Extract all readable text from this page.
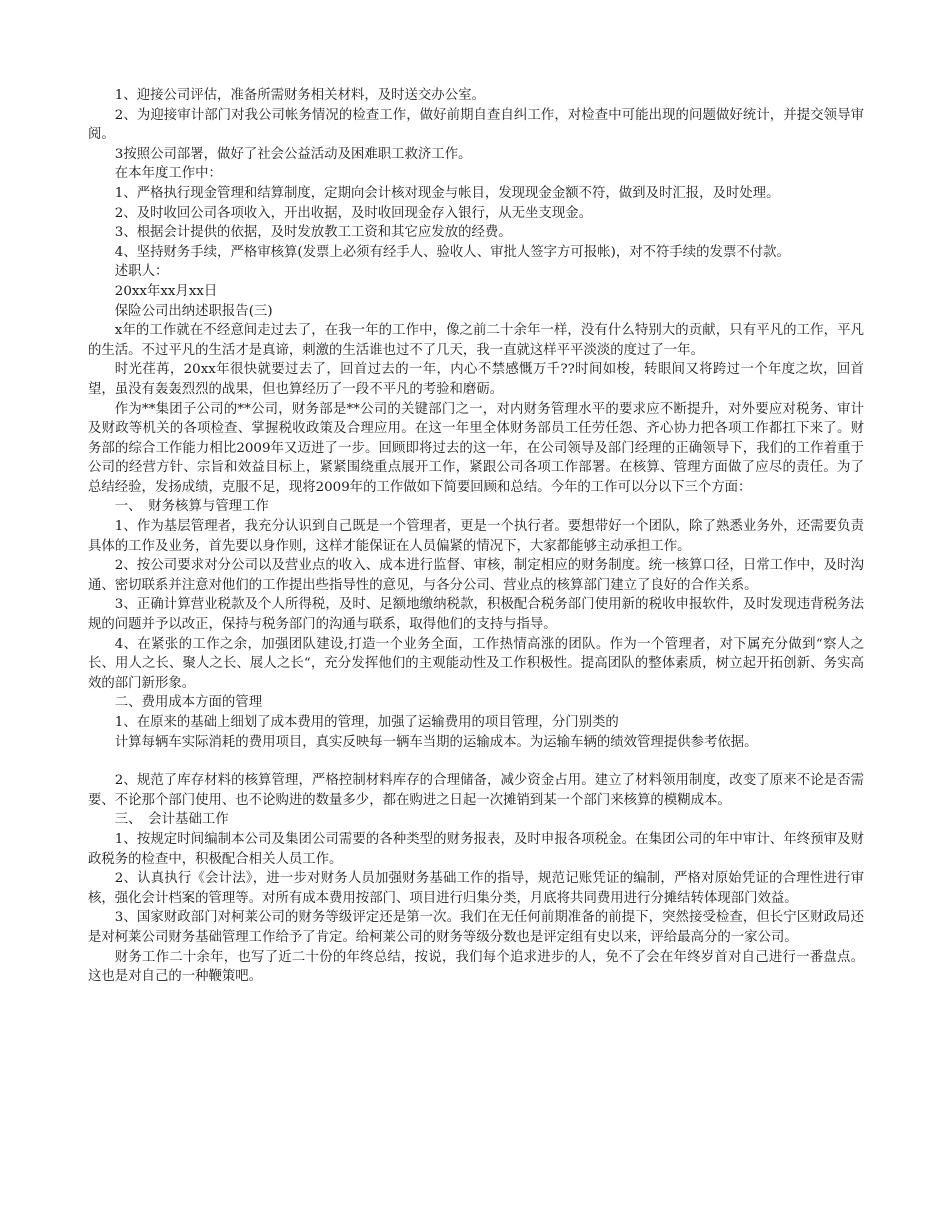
1、迎接公司评估，准备所需财务相关材料，及时送交办公室。

2、为迎接审计部门对我公司帐务情况的检查工作，做好前期自查自纠工作，对检查中可能出现的问题做好统计，并提交领导审阅。

3按照公司部署，做好了社会公益活动及困难职工救济工作。

在本年度工作中：

1、严格执行现金管理和结算制度，定期向会计核对现金与帐目，发现现金金额不符，做到及时汇报，及时处理。

2、及时收回公司各项收入，开出收据，及时收回现金存入银行，从无坐支现金。

3、根据会计提供的依据，及时发放教工工资和其它应发放的经费。

4、坚持财务手续，严格审核算(发票上必须有经手人、验收人、审批人签字方可报帐)，对不符手续的发票不付款。

述职人：

20xx年xx月xx日

保险公司出纳述职报告(三)

x年的工作就在不经意间走过去了，在我一年的工作中，像之前二十余年一样，没有什么特别大的贡献，只有平凡的工作，平凡的生活。不过平凡的生活才是真谛，刺激的生活谁也过不了几天，我一直就这样平平淡淡的度过了一年。

时光荏苒，20xx年很快就要过去了，回首过去的一年，内心不禁感慨万千??时间如梭，转眼间又将跨过一个年度之坎，回首望，虽没有轰轰烈烈的战果，但也算经历了一段不平凡的考验和磨砺。

作为**集团子公司的**公司，财务部是**公司的关键部门之一，对内财务管理水平的要求应不断提升，对外要应对税务、审计及财政等机关的各项检查、掌握税收政策及合理应用。在这一年里全体财务部员工任劳任怨、齐心协力把各项工作都扛下来了。财务部的综合工作能力相比2009年又迈进了一步。回顾即将过去的这一年，在公司领导及部门经理的正确领导下，我们的工作着重于公司的经营方针、宗旨和效益目标上，紧紧围绕重点展开工作，紧跟公司各项工作部署。在核算、管理方面做了应尽的责任。为了总结经验，发扬成绩，克服不足，现将2009年的工作做如下简要回顾和总结。今年的工作可以分以下三个方面：

一、　财务核算与管理工作

1、作为基层管理者，我充分认识到自己既是一个管理者，更是一个执行者。要想带好一个团队，除了熟悉业务外，还需要负责具体的工作及业务，首先要以身作则，这样才能保证在人员偏紧的情况下，大家都能够主动承担工作。

2、按公司要求对分公司以及营业点的收入、成本进行监督、审核，制定相应的财务制度。统一核算口径，日常工作中，及时沟通、密切联系并注意对他们的工作提出些指导性的意见，与各分公司、营业点的核算部门建立了良好的合作关系。

3、正确计算营业税款及个人所得税，及时、足额地缴纳税款，积极配合税务部门使用新的税收申报软件，及时发现违背税务法规的问题并予以改正，保持与税务部门的沟通与联系，取得他们的支持与指导。

4、在紧张的工作之余，加强团队建设,打造一个业务全面，工作热情高涨的团队。作为一个管理者，对下属充分做到“察人之长、用人之长、聚人之长、展人之长“，充分发挥他们的主观能动性及工作积极性。提高团队的整体素质，树立起开拓创新、务实高效的部门新形象。

二、费用成本方面的管理

1、在原来的基础上细划了成本费用的管理，加强了运输费用的项目管理，分门别类的

计算每辆车实际消耗的费用项目，真实反映每一辆车当期的运输成本。为运输车辆的绩效管理提供参考依据。

2、规范了库存材料的核算管理，严格控制材料库存的合理储备，减少资金占用。建立了材料领用制度，改变了原来不论是否需要、不论那个部门使用、也不论购进的数量多少，都在购进之日起一次摊销到某一个部门来核算的模糊成本。

三、　会计基础工作

1、按规定时间编制本公司及集团公司需要的各种类型的财务报表，及时申报各项税金。在集团公司的年中审计、年终预审及财政税务的检查中，积极配合相关人员工作。

2、认真执行《会计法》，进一步对财务人员加强财务基础工作的指导，规范记账凭证的编制，严格对原始凭证的合理性进行审核，强化会计档案的管理等。对所有成本费用按部门、项目进行归集分类，月底将共同费用进行分摊结转体现部门效益。

3、国家财政部门对柯莱公司的财务等级评定还是第一次。我们在无任何前期准备的前提下，突然接受检查，但长宁区财政局还是对柯莱公司财务基础管理工作给予了肯定。给柯莱公司的财务等级分数也是评定组有史以来，评给最高分的一家公司。

财务工作二十余年，也写了近二十份的年终总结，按说，我们每个追求进步的人，免不了会在年终岁首对自己进行一番盘点。这也是对自己的一种鞭策吧。
